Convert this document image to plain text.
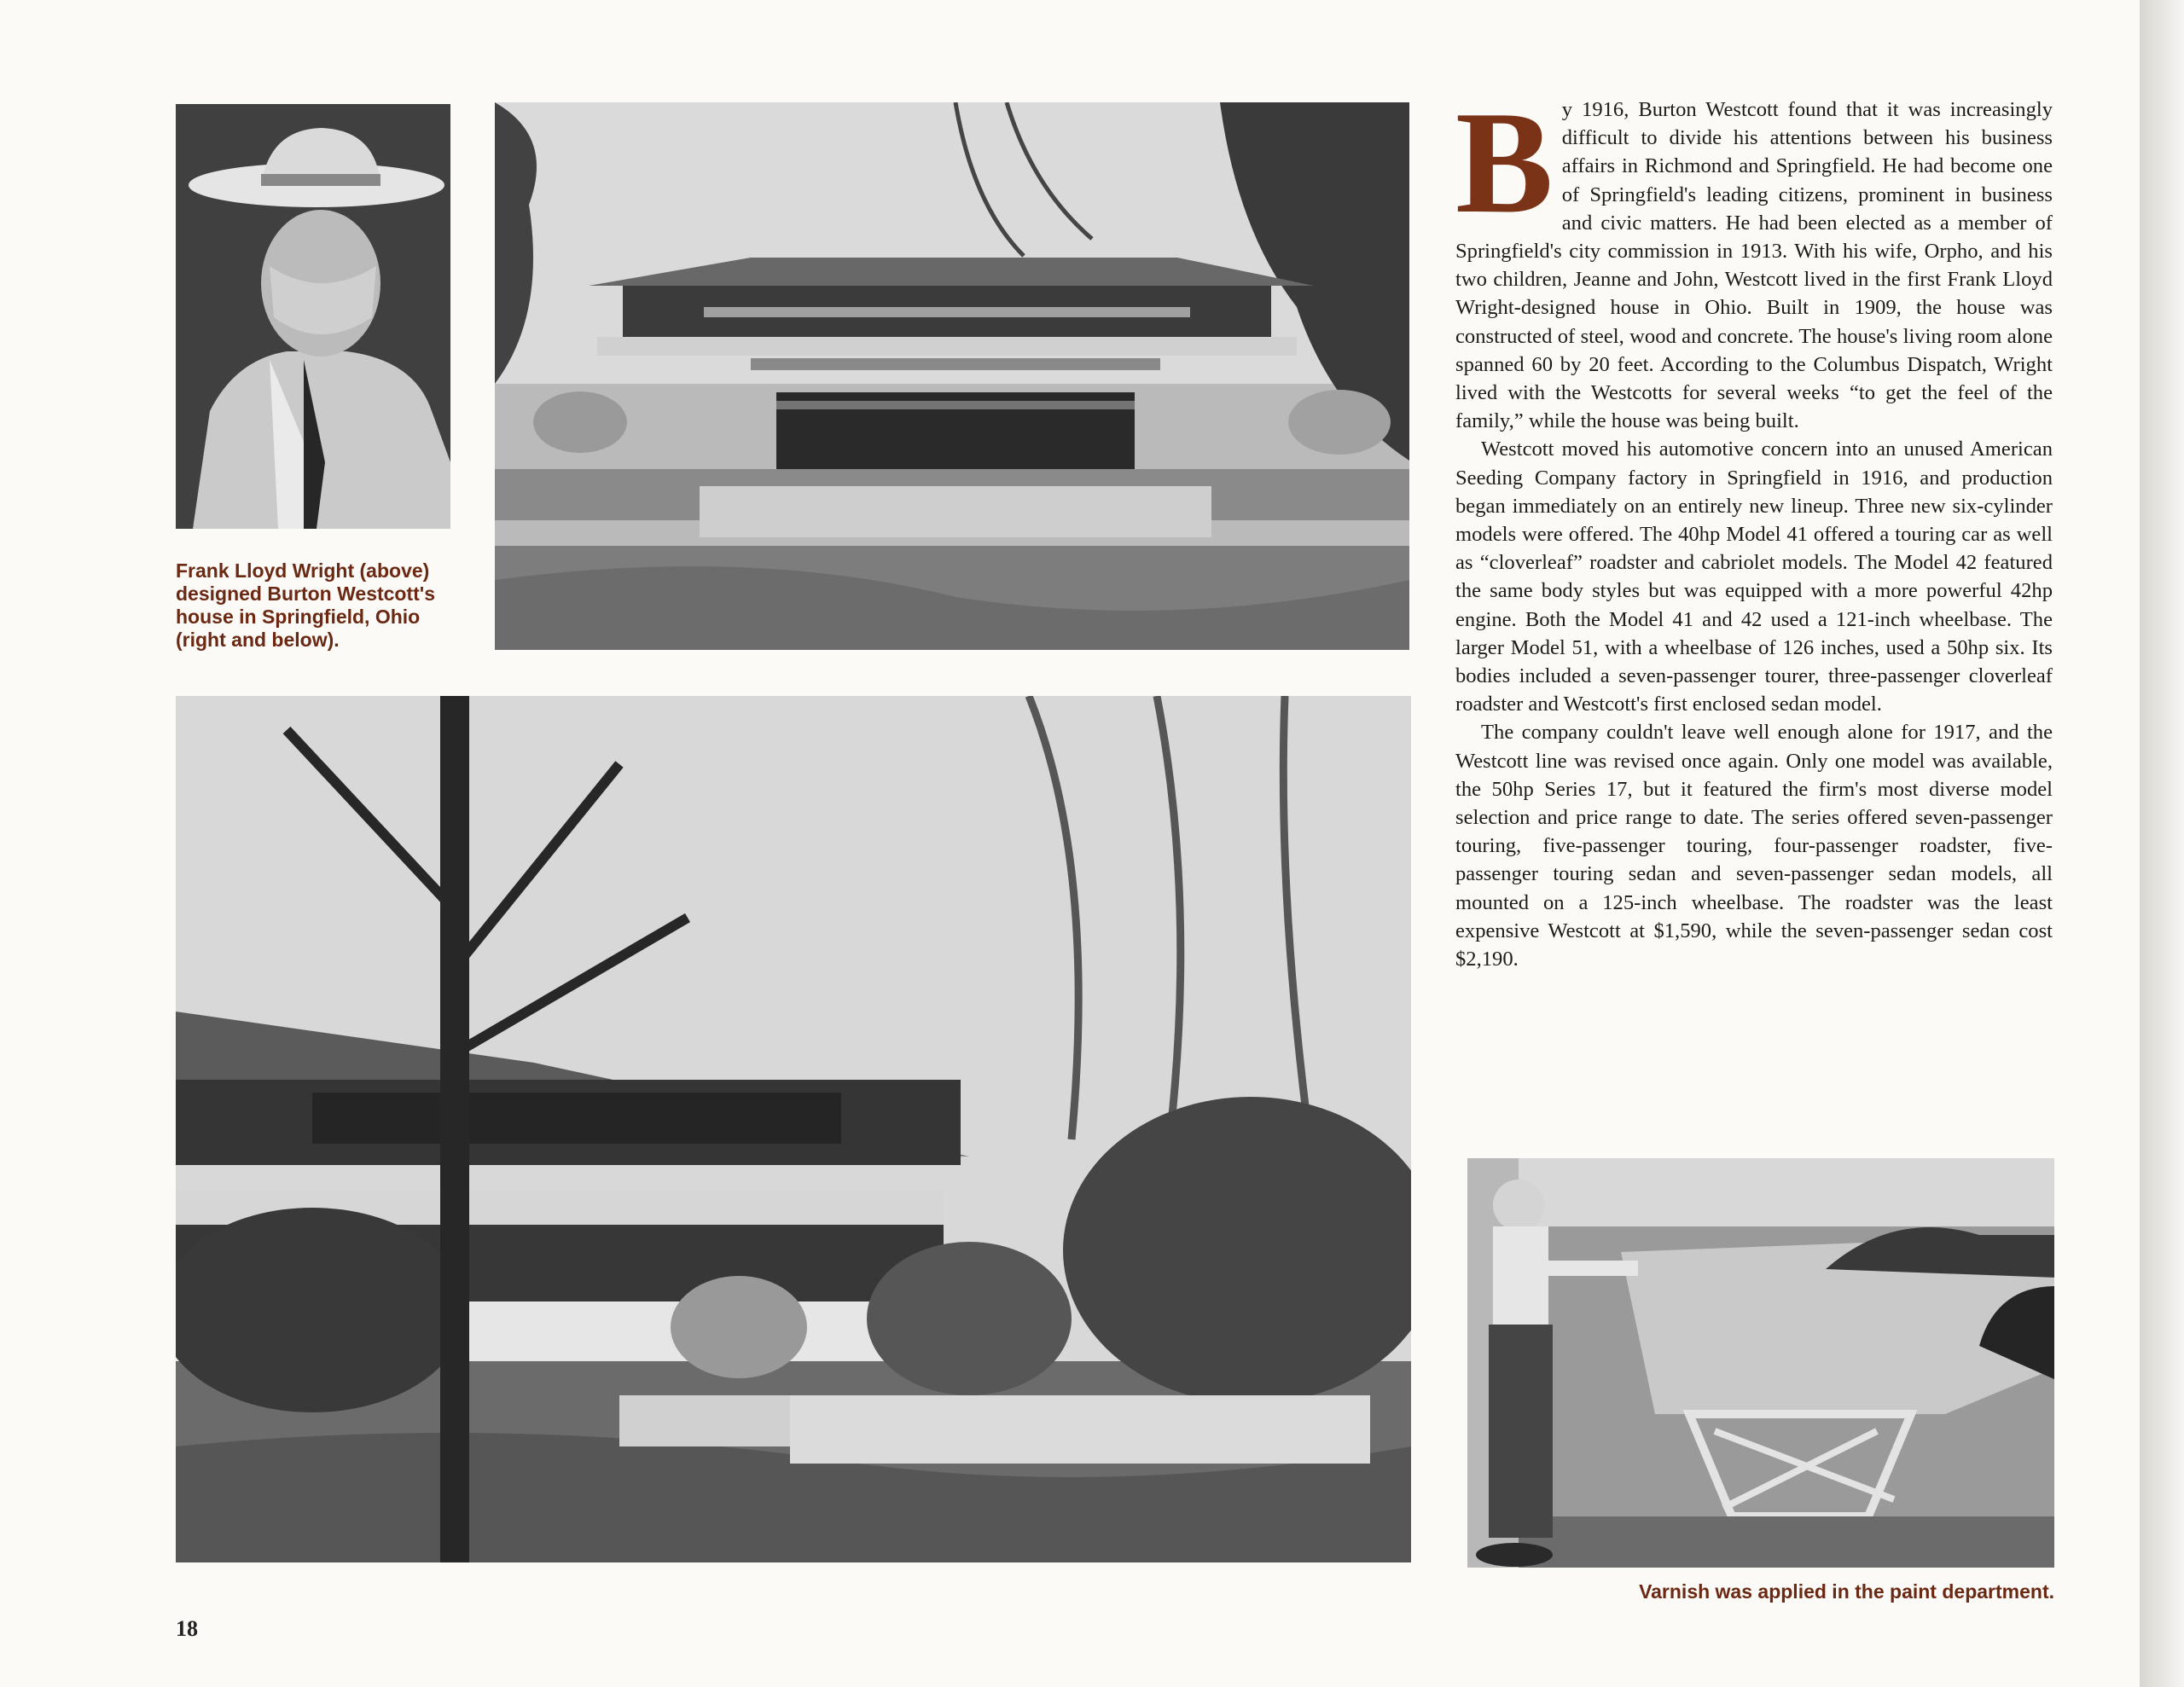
Frank Lloyd Wright (above) designed Burton Westcott's house in Springfield, Ohio (right and below).

By 1916, Burton Westcott found that it was increasingly difficult to divide his attentions between his business affairs in Richmond and Springfield. He had become one of Springfield's leading citizens, prominent in business and civic matters. He had been elected as a member of Springfield's city commission in 1913. With his wife, Orpho, and his two children, Jeanne and John, Westcott lived in the first Frank Lloyd Wright-designed house in Ohio. Built in 1909, the house was constructed of steel, wood and concrete. The house's living room alone spanned 60 by 20 feet. According to the Columbus Dispatch, Wright lived with the Westcotts for several weeks “to get the feel of the family,” while the house was being built.

Westcott moved his automotive concern into an unused American Seeding Company factory in Springfield in 1916, and production began immediately on an entirely new lineup. Three new six-cylinder models were offered. The 40hp Model 41 offered a touring car as well as “cloverleaf” roadster and cabriolet models. The Model 42 featured the same body styles but was equipped with a more powerful 42hp engine. Both the Model 41 and 42 used a 121-inch wheelbase. The larger Model 51, with a wheelbase of 126 inches, used a 50hp six. Its bodies included a seven-passenger tourer, three-passenger cloverleaf roadster and Westcott's first enclosed sedan model.

The company couldn't leave well enough alone for 1917, and the Westcott line was revised once again. Only one model was available, the 50hp Series 17, but it featured the firm's most diverse model selection and price range to date. The series offered seven-passenger touring, five-passenger touring, four-passenger roadster, five-passenger touring sedan and seven-passenger sedan models, all mounted on a 125-inch wheelbase. The roadster was the least expensive Westcott at $1,590, while the seven-passenger sedan cost $2,190.

Varnish was applied in the paint department.
18
